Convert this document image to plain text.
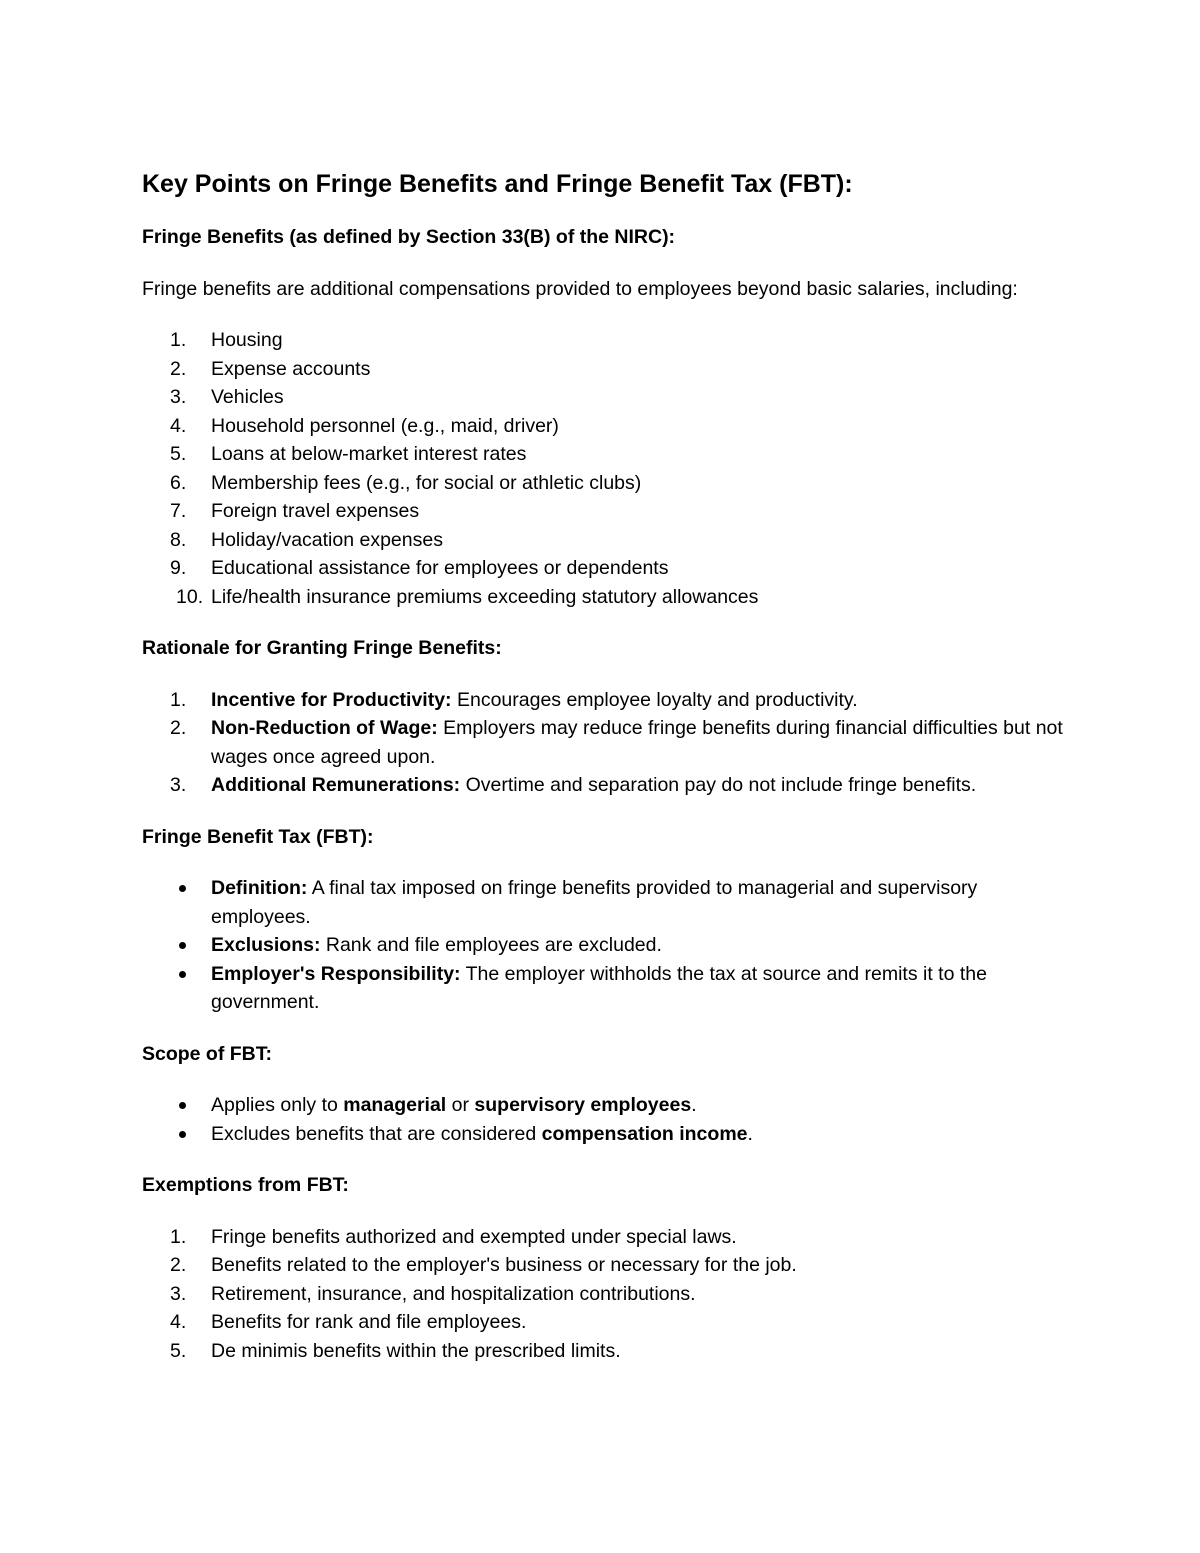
Key Points on Fringe Benefits and Fringe Benefit Tax (FBT):
Fringe Benefits (as defined by Section 33(B) of the NIRC):
Fringe benefits are additional compensations provided to employees beyond basic salaries, including:
1.	Housing
2.	Expense accounts
3.	Vehicles
4.	Household personnel (e.g., maid, driver)
5.	Loans at below-market interest rates
6.	Membership fees (e.g., for social or athletic clubs)
7.	Foreign travel expenses
8.	Holiday/vacation expenses
9.	Educational assistance for employees or dependents
10. Life/health insurance premiums exceeding statutory allowances
Rationale for Granting Fringe Benefits:
1.	Incentive for Productivity: Encourages employee loyalty and productivity.
2.	Non-Reduction of Wage: Employers may reduce fringe benefits during financial difficulties but not wages once agreed upon.
3.	Additional Remunerations: Overtime and separation pay do not include fringe benefits.
Fringe Benefit Tax (FBT):
Definition: A final tax imposed on fringe benefits provided to managerial and supervisory employees.
Exclusions: Rank and file employees are excluded.
Employer's Responsibility: The employer withholds the tax at source and remits it to the government.
Scope of FBT:
Applies only to managerial or supervisory employees.
Excludes benefits that are considered compensation income.
Exemptions from FBT:
1.	Fringe benefits authorized and exempted under special laws.
2.	Benefits related to the employer's business or necessary for the job.
3.	Retirement, insurance, and hospitalization contributions.
4.	Benefits for rank and file employees.
5.	De minimis benefits within the prescribed limits.
